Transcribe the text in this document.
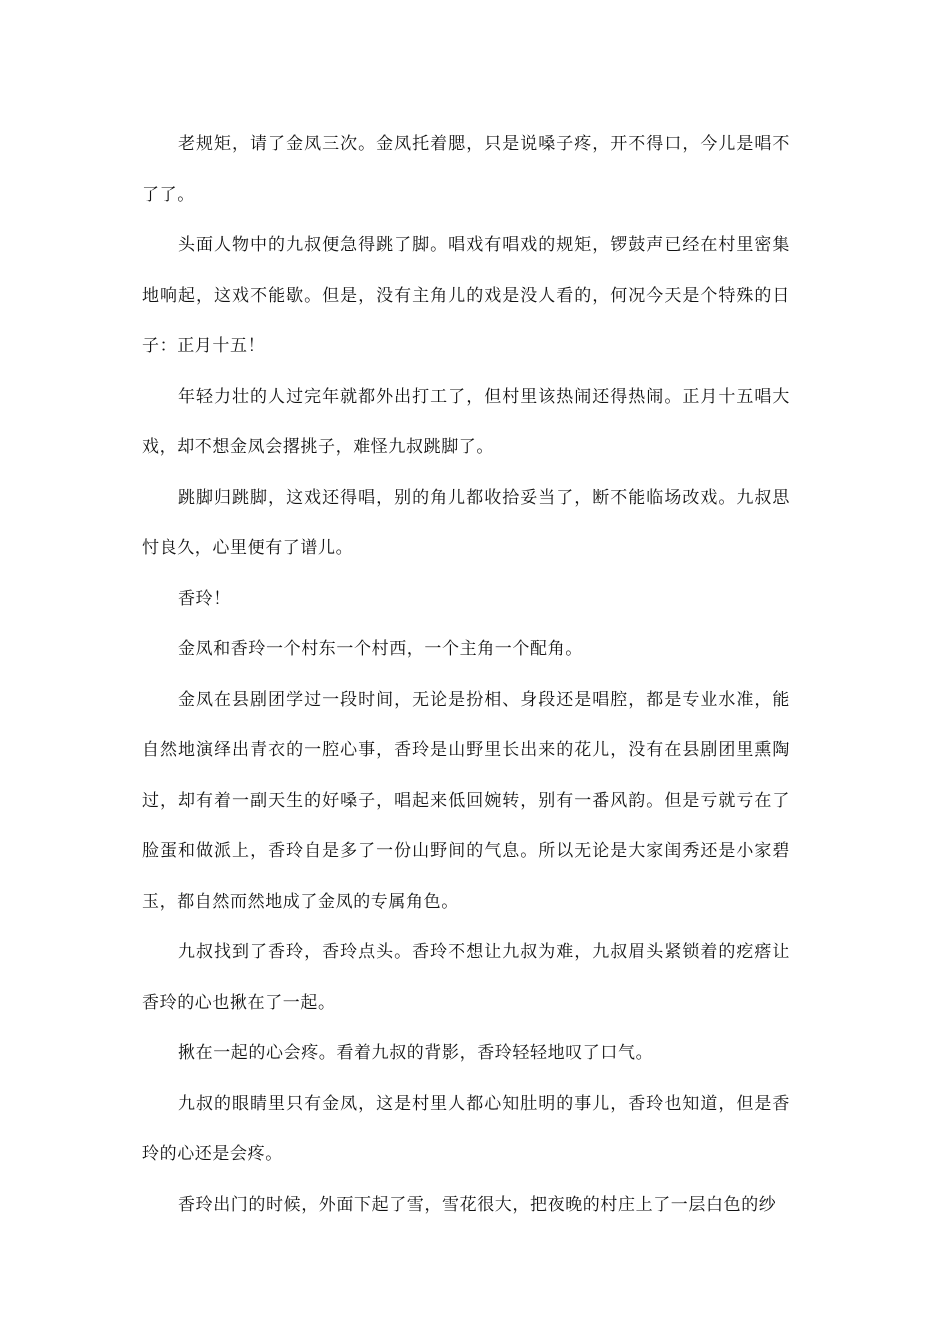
老规矩，请了金凤三次。金凤托着腮，只是说嗓子疼，开不得口，今儿是唱不了了。

头面人物中的九叔便急得跳了脚。唱戏有唱戏的规矩，锣鼓声已经在村里密集地响起，这戏不能歇。但是，没有主角儿的戏是没人看的，何况今天是个特殊的日子：正月十五！

年轻力壮的人过完年就都外出打工了，但村里该热闹还得热闹。正月十五唱大戏，却不想金凤会撂挑子，难怪九叔跳脚了。

跳脚归跳脚，这戏还得唱，别的角儿都收拾妥当了，断不能临场改戏。九叔思忖良久，心里便有了谱儿。

香玲！

金凤和香玲一个村东一个村西，一个主角一个配角。

金凤在县剧团学过一段时间，无论是扮相、身段还是唱腔，都是专业水准，能自然地演绎出青衣的一腔心事，香玲是山野里长出来的花儿，没有在县剧团里熏陶过，却有着一副天生的好嗓子，唱起来低回婉转，别有一番风韵。但是亏就亏在了脸蛋和做派上，香玲自是多了一份山野间的气息。所以无论是大家闺秀还是小家碧玉，都自然而然地成了金凤的专属角色。

九叔找到了香玲，香玲点头。香玲不想让九叔为难，九叔眉头紧锁着的疙瘩让香玲的心也揪在了一起。

揪在一起的心会疼。看着九叔的背影，香玲轻轻地叹了口气。

九叔的眼睛里只有金凤，这是村里人都心知肚明的事儿，香玲也知道，但是香玲的心还是会疼。

香玲出门的时候，外面下起了雪，雪花很大，把夜晚的村庄上了一层白色的纱
